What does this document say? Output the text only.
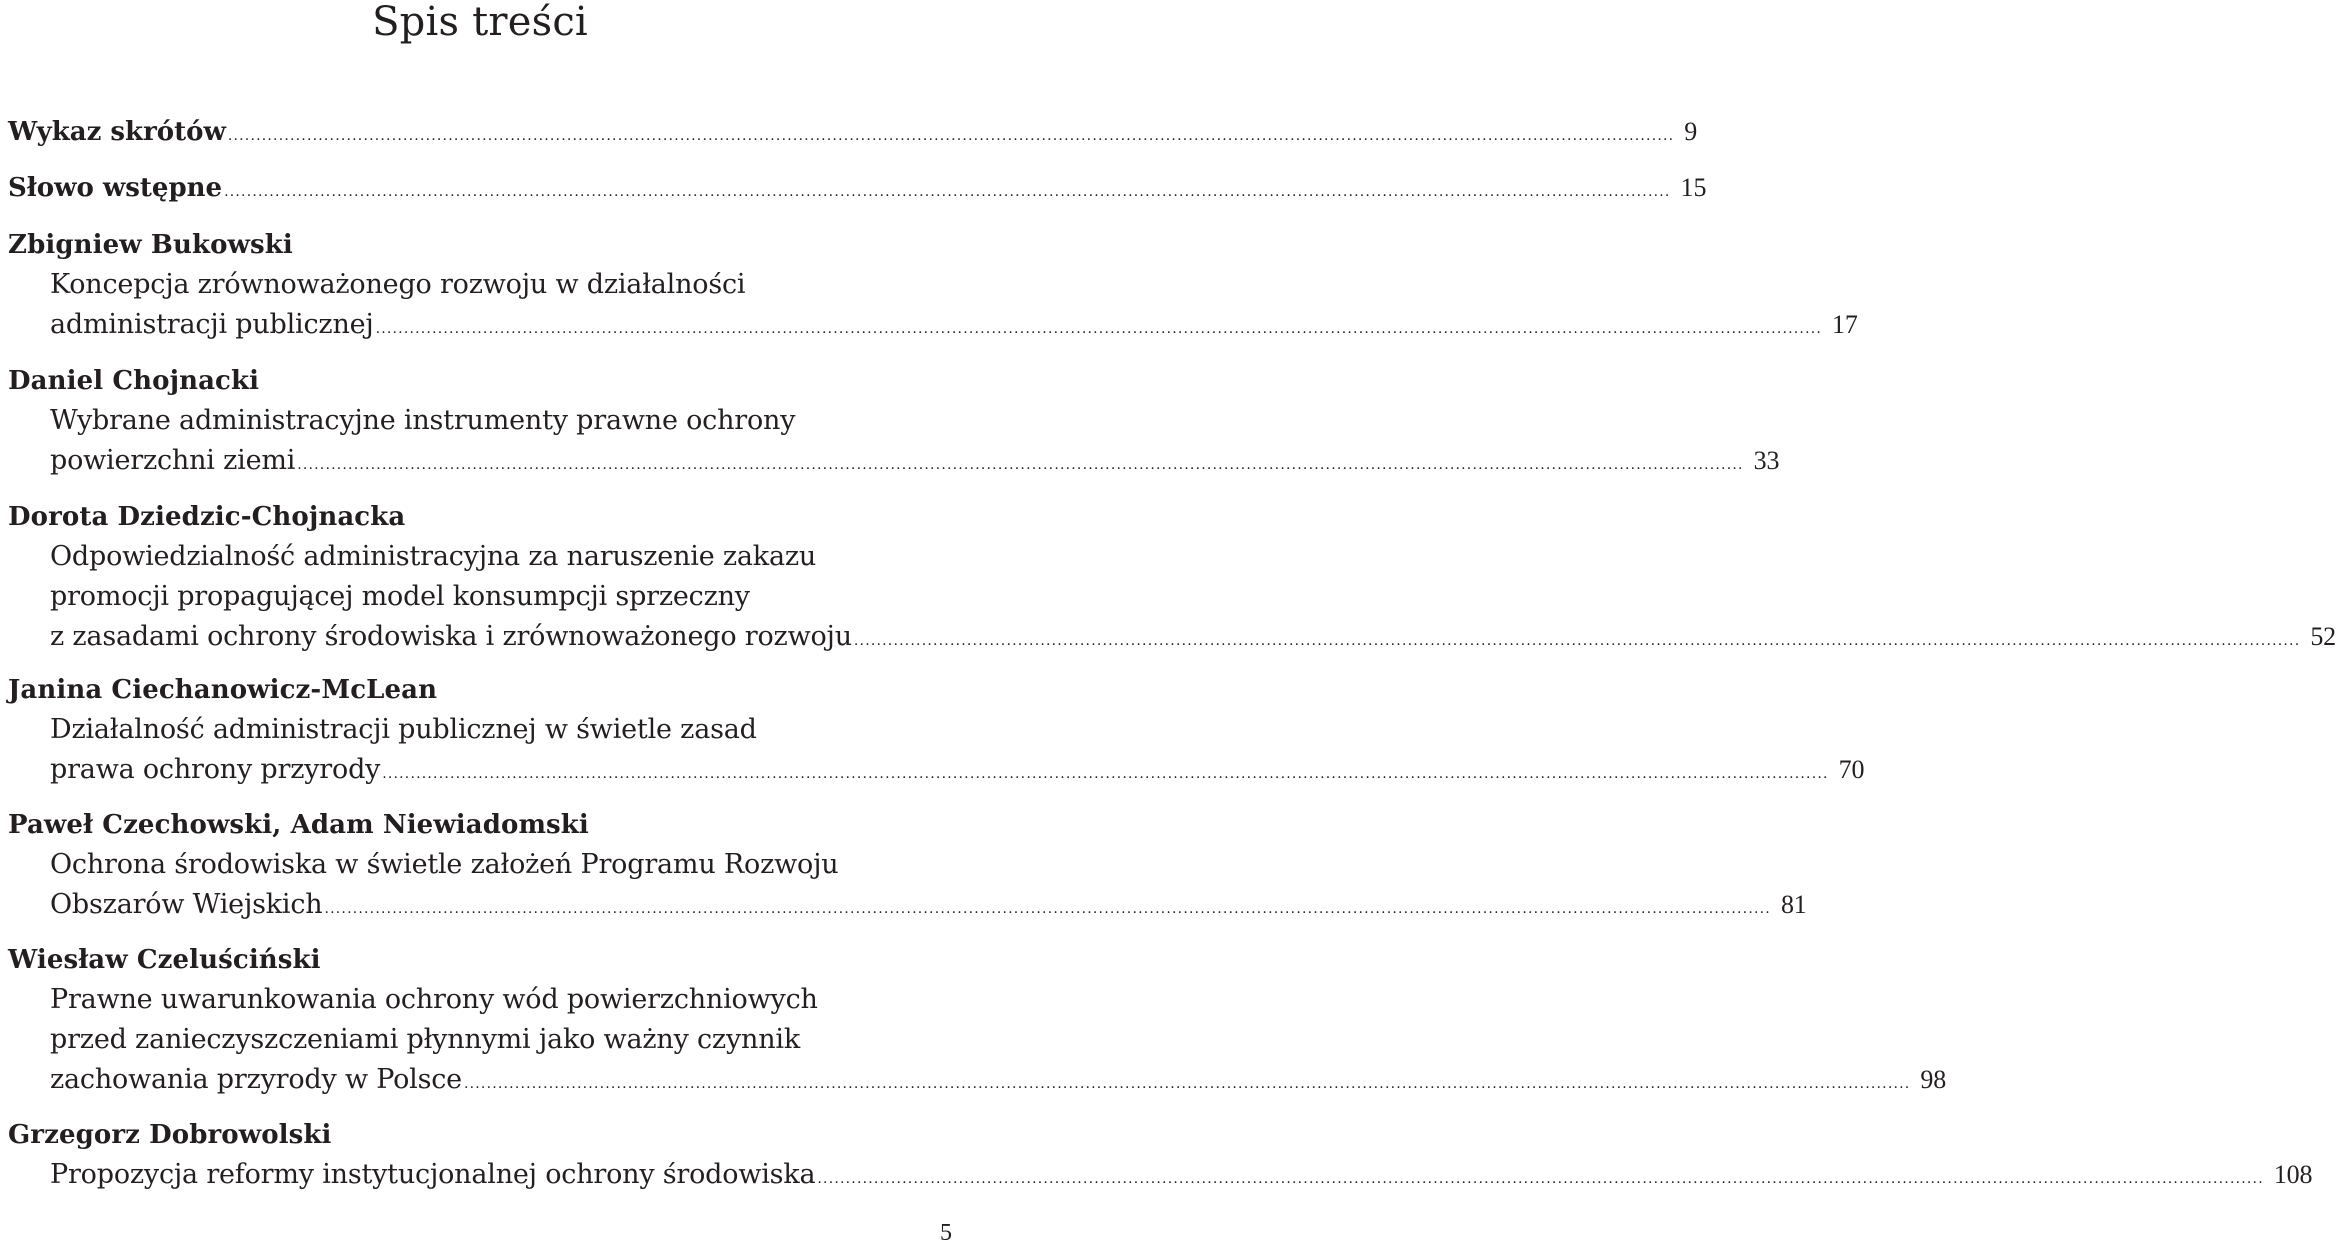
Spis treści
Wykaz skrótów ................................................................................................................................................................................................................................................................ 9
Słowo wstępne ................................................................................................................................................................................................................................................................ 15
Zbigniew Bukowski
Koncepcja zrównoważonego rozwoju w działalności
administracji publicznej ................................................................................................................................................................................................................................................................ 17
Daniel Chojnacki
Wybrane administracyjne instrumenty prawne ochrony
powierzchni ziemi ................................................................................................................................................................................................................................................................ 33
Dorota Dziedzic-Chojnacka
Odpowiedzialność administracyjna za naruszenie zakazu
promocji propagującej model konsumpcji sprzeczny
z zasadami ochrony środowiska i zrównoważonego rozwoju ................................................................................................................................................................................................................................................................ 52
Janina Ciechanowicz-McLean
Działalność administracji publicznej w świetle zasad
prawa ochrony przyrody ................................................................................................................................................................................................................................................................ 70
Paweł Czechowski, Adam Niewiadomski
Ochrona środowiska w świetle założeń Programu Rozwoju
Obszarów Wiejskich ................................................................................................................................................................................................................................................................ 81
Wiesław Czeluściński
Prawne uwarunkowania ochrony wód powierzchniowych
przed zanieczyszczeniami płynnymi jako ważny czynnik
zachowania przyrody w Polsce ................................................................................................................................................................................................................................................................ 98
Grzegorz Dobrowolski
Propozycja reformy instytucjonalnej ochrony środowiska ................................................................................................................................................................................................................................................................ 108
5
